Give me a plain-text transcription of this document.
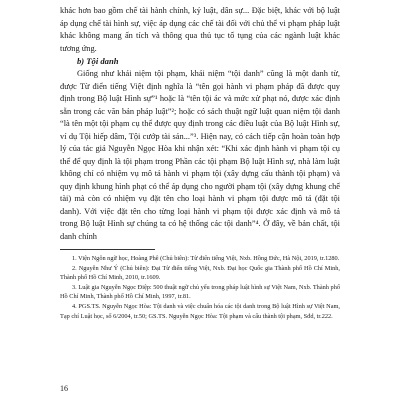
khác hơn bao gồm chế tài hành chính, kỷ luật, dân sự... Đặc biệt, khác với bộ luật áp dụng chế tài hình sự, việc áp dụng các chế tài đối với chủ thể vi phạm pháp luật khác không mang ấn tích và thông qua thủ tục tố tụng của các ngành luật khác tương ứng.

b) Tội danh

Giống như khái niệm tội phạm, khái niệm “tội danh” cũng là một danh từ, được Từ điển tiếng Việt định nghĩa là “tên gọi hành vi phạm pháp đã được quy định trong Bộ luật Hình sự”¹ hoặc là “tên tội ác và mức xử phạt nó, được xác định sẵn trong các văn bản pháp luật”²; hoặc có sách thuật ngữ luật quan niệm tội danh “là tên một tội phạm cụ thể được quy định trong các điều luật của Bộ luật Hình sự, ví dụ Tội hiếp dâm, Tội cướp tài sản...”³. Hiện nay, có cách tiếp cận hoàn toàn hợp lý của tác giả Nguyễn Ngọc Hòa khi nhận xét: “Khi xác định hành vi phạm tội cụ thể để quy định là tội phạm trong Phần các tội phạm Bộ luật Hình sự, nhà làm luật không chỉ có nhiệm vụ mô tả hành vi phạm tội (xây dựng cấu thành tội phạm) và quy định khung hình phạt có thể áp dụng cho người phạm tội (xây dựng khung chế tài) mà còn có nhiệm vụ đặt tên cho loại hành vi phạm tội được mô tả (đặt tội danh). Với việc đặt tên cho từng loại hành vi phạm tội được xác định và mô tả trong Bộ luật Hình sự chúng ta có hệ thống các tội danh”⁴. Ở đây, về bản chất, tội danh chính

1. Viện Ngôn ngữ học, Hoàng Phê (Chủ biên): Từ điển tiếng Việt, Nxb. Hồng Đức, Hà Nội, 2019, tr.1280.

2. Nguyễn Như Ý (Chủ biên): Đại Từ điển tiếng Việt, Nxb. Đại học Quốc gia Thành phố Hồ Chí Minh, Thành phố Hồ Chí Minh, 2010, tr.1609.

3. Luật gia Nguyễn Ngọc Điệp: 500 thuật ngữ chủ yếu trong pháp luật hình sự Việt Nam, Nxb. Thành phố Hồ Chí Minh, Thành phố Hồ Chí Minh, 1997, tr.81.

4. PGS.TS. Nguyễn Ngọc Hòa: Tội danh và việc chuẩn hóa các tội danh trong Bộ luật Hình sự Việt Nam, Tạp chí Luật học, số 6/2004, tr.50; GS.TS. Nguyễn Ngọc Hòa: Tội phạm và cấu thành tội phạm, Sđd, tr.222.

16
